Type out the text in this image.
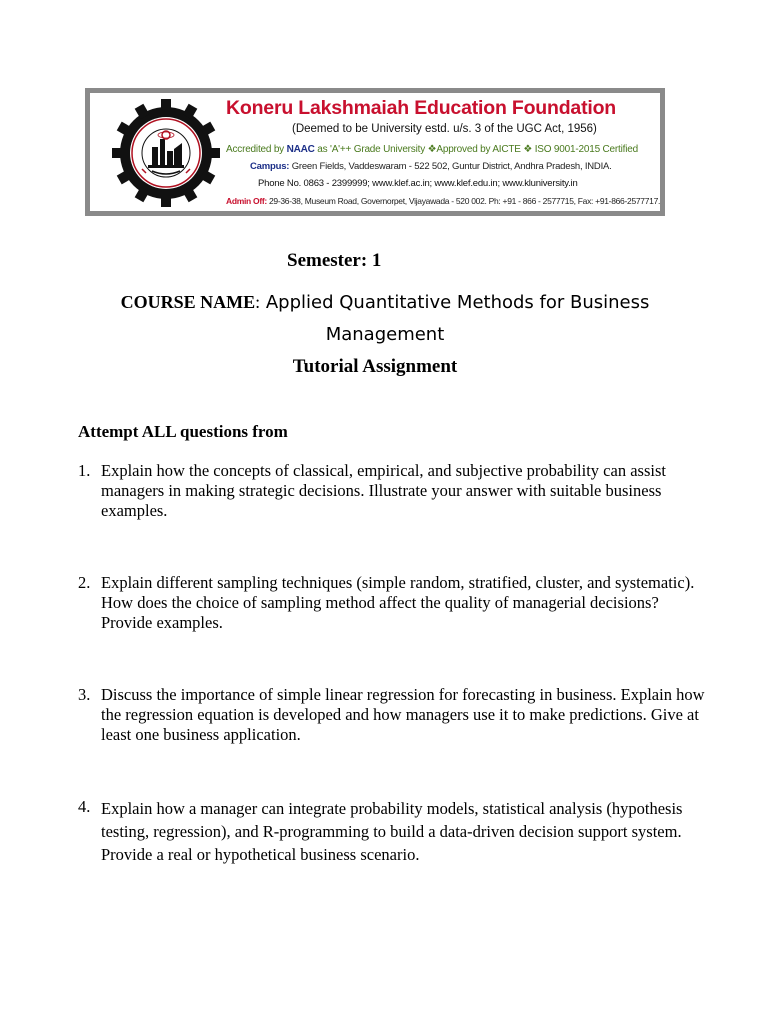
Koneru Lakshmaiah Education Foundation
(Deemed to be University estd. u/s. 3 of the UGC Act, 1956)
Accredited by NAAC as 'A'++ Grade University ❖Approved by AICTE ❖ ISO 9001-2015 Certified
Campus: Green Fields, Vaddeswaram - 522 502, Guntur District, Andhra Pradesh, INDIA.
Phone No. 0863 - 2399999; www.klef.ac.in; www.klef.edu.in; www.kluniversity.in
Admin Off: 29-36-38, Museum Road, Governorpet, Vijayawada - 520 002. Ph: +91 - 866 - 2577715, Fax: +91-866-2577717.
Semester: 1
COURSE NAME: Applied Quantitative Methods for Business Management
Tutorial Assignment
Attempt ALL questions from
1. Explain how the concepts of classical, empirical, and subjective probability can assist managers in making strategic decisions. Illustrate your answer with suitable business examples.
2. Explain different sampling techniques (simple random, stratified, cluster, and systematic). How does the choice of sampling method affect the quality of managerial decisions? Provide examples.
3. Discuss the importance of simple linear regression for forecasting in business. Explain how the regression equation is developed and how managers use it to make predictions. Give at least one business application.
4. Explain how a manager can integrate probability models, statistical analysis (hypothesis testing, regression), and R-programming to build a data-driven decision support system. Provide a real or hypothetical business scenario.
